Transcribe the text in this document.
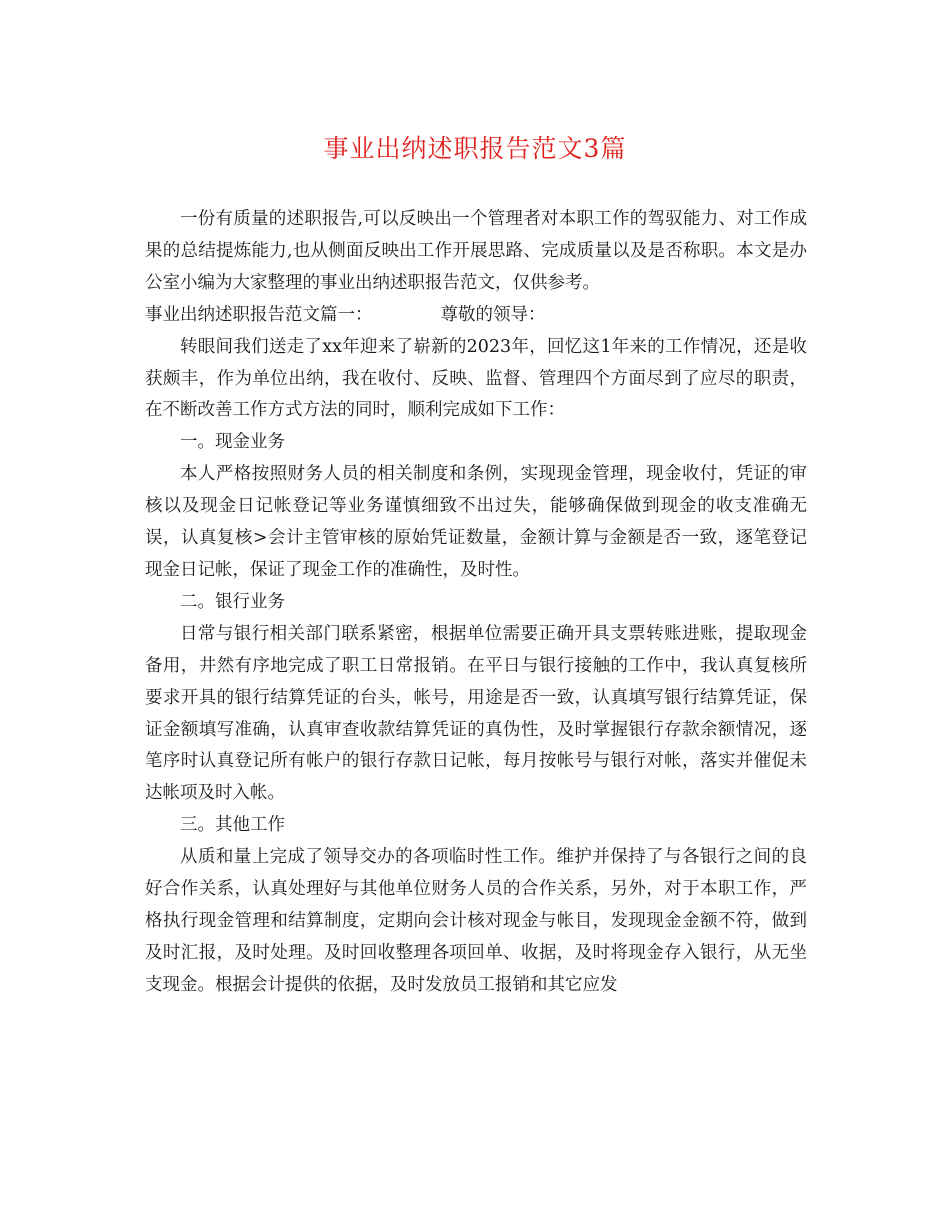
事业出纳述职报告范文3篇

一份有质量的述职报告,可以反映出一个管理者对本职工作的驾驭能力、对工作成果的总结提炼能力,也从侧面反映出工作开展思路、完成质量以及是否称职。本文是办公室小编为大家整理的事业出纳述职报告范文，仅供参考。

事业出纳述职报告范文篇一：	尊敬的领导：

转眼间我们送走了xx年迎来了崭新的2023年，回忆这1年来的工作情况，还是收获颇丰，作为单位出纳，我在收付、反映、监督、管理四个方面尽到了应尽的职责，在不断改善工作方式方法的同时，顺利完成如下工作：

一。现金业务

本人严格按照财务人员的相关制度和条例，实现现金管理，现金收付，凭证的审核以及现金日记帐登记等业务谨慎细致不出过失，能够确保做到现金的收支准确无误，认真复核>会计主管审核的原始凭证数量，金额计算与金额是否一致，逐笔登记现金日记帐，保证了现金工作的准确性，及时性。

二。银行业务

日常与银行相关部门联系紧密，根据单位需要正确开具支票转账进账，提取现金备用，井然有序地完成了职工日常报销。在平日与银行接触的工作中，我认真复核所要求开具的银行结算凭证的台头，帐号，用途是否一致，认真填写银行结算凭证，保证金额填写准确，认真审查收款结算凭证的真伪性，及时掌握银行存款余额情况，逐笔序时认真登记所有帐户的银行存款日记帐，每月按帐号与银行对帐，落实并催促未达帐项及时入帐。

三。其他工作

从质和量上完成了领导交办的各项临时性工作。维护并保持了与各银行之间的良好合作关系，认真处理好与其他单位财务人员的合作关系，另外，对于本职工作，严格执行现金管理和结算制度，定期向会计核对现金与帐目，发现现金金额不符，做到及时汇报，及时处理。及时回收整理各项回单、收据，及时将现金存入银行，从无坐支现金。根据会计提供的依据，及时发放员工报销和其它应发
